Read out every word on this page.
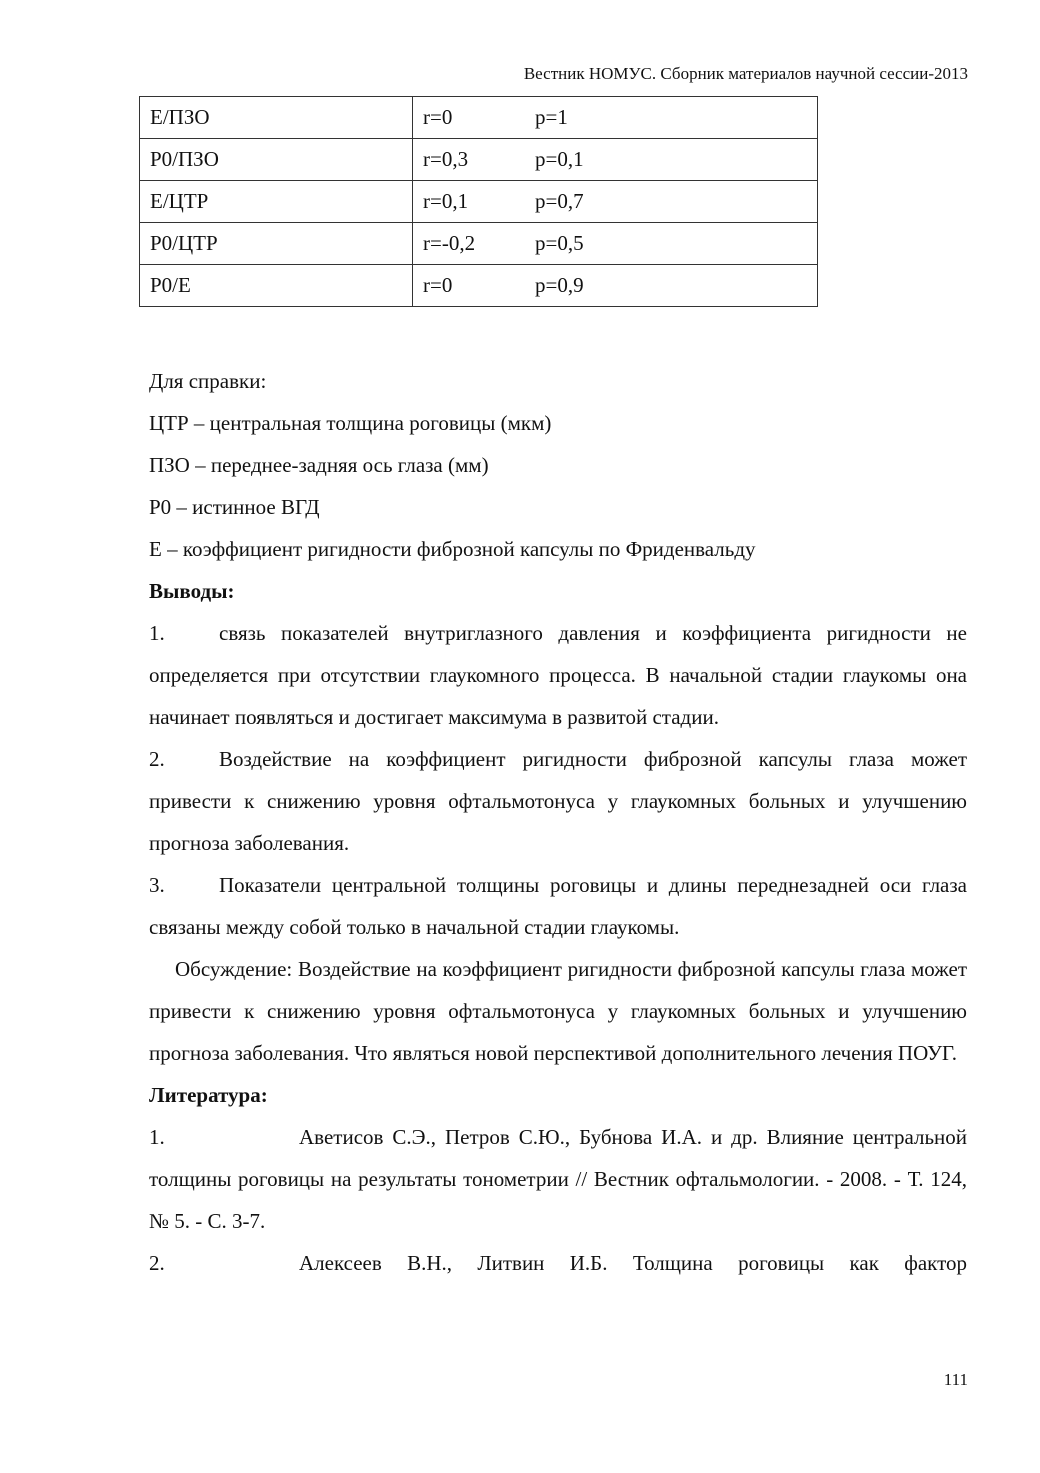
Вестник НОМУС. Сборник материалов научной сессии-2013
Е/ПЗО	r=0 p=1
P0/ПЗО	r=0,3 p=0,1
Е/ЦТР	r=0,1 p=0,7
P0/ЦТР	r=-0,2 p=0,5
P0/E	r=0 p=0,9

Для справки:

ЦТР – центральная толщина роговицы (мкм)

ПЗО – переднее-задняя ось глаза (мм)

P0 – истинное ВГД

Е – коэффициент ригидности фиброзной капсулы по Фриденвальду

Выводы:

1.	связь показателей внутриглазного давления и коэффициента ригидности не определяется при отсутствии глаукомного процесса. В начальной стадии глаукомы она начинает появляться и достигает максимума в развитой стадии.

2.	Воздействие на коэффициент ригидности фиброзной капсулы глаза может привести к снижению уровня офтальмотонуса у глаукомных больных и улучшению прогноза заболевания.

3.	Показатели центральной толщины роговицы и длины переднезадней оси глаза связаны между собой только в начальной стадии глаукомы.

Обсуждение: Воздействие на коэффициент ригидности фиброзной капсулы глаза может привести к снижению уровня офтальмотонуса у глаукомных больных и улучшению прогноза заболевания. Что являться новой перспективой дополнительного лечения ПОУГ.

Литература:

1.	Аветисов С.Э., Петров С.Ю., Бубнова И.А. и др. Влияние центральной толщины роговицы на результаты тонометрии // Вестник офтальмологии. - 2008. - Т. 124, № 5. - С. 3-7.

2.	Алексеев В.Н., Литвин И.Б. Толщина роговицы как фактор

111
